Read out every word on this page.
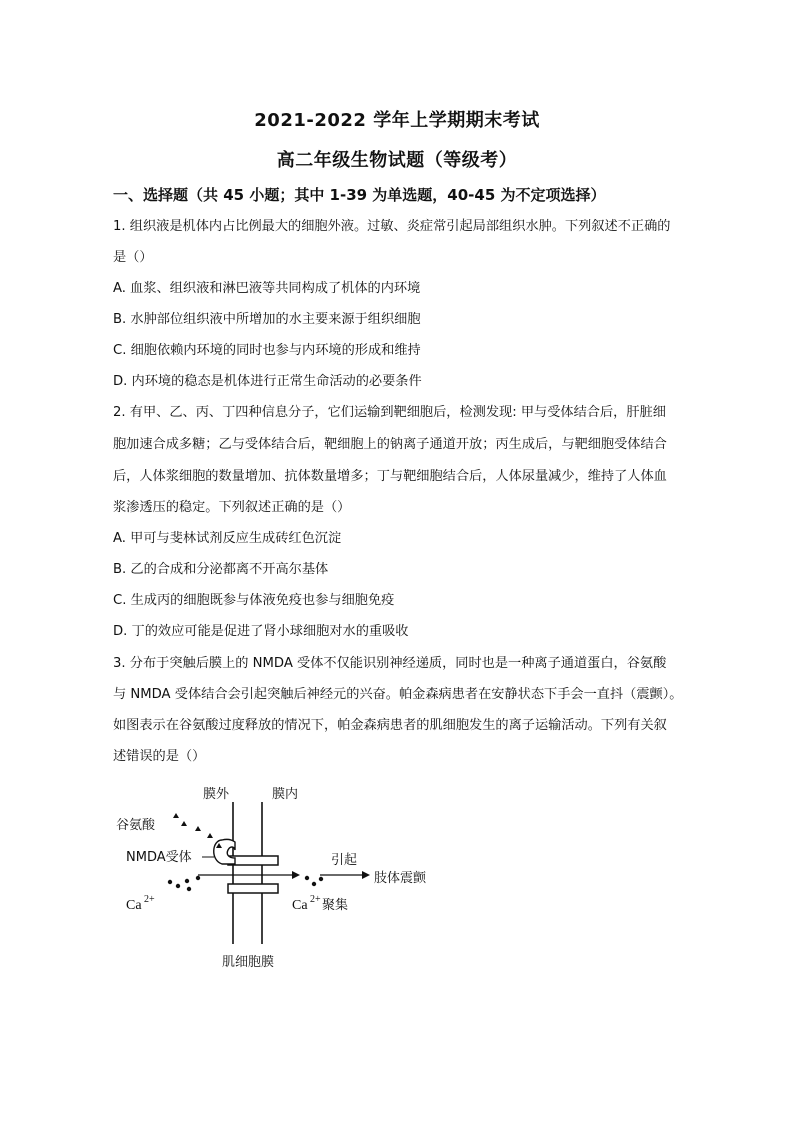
2021-2022 学年上学期期末考试
高二年级生物试题（等级考）
一、选择题（共 45 小题；其中 1-39 为单选题，40-45 为不定项选择）
1. 组织液是机体内占比例最大的细胞外液。过敏、炎症常引起局部组织水肿。下列叙述不正确的
是（）
A. 血浆、组织液和淋巴液等共同构成了机体的内环境
B. 水肿部位组织液中所增加的水主要来源于组织细胞
C. 细胞依赖内环境的同时也参与内环境的形成和维持
D. 内环境的稳态是机体进行正常生命活动的必要条件
2. 有甲、乙、丙、丁四种信息分子，它们运输到靶细胞后，检测发现: 甲与受体结合后，肝脏细
胞加速合成多糖；乙与受体结合后，靶细胞上的钠离子通道开放；丙生成后，与靶细胞受体结合
后，人体浆细胞的数量增加、抗体数量增多；丁与靶细胞结合后，人体尿量减少，维持了人体血
浆渗透压的稳定。下列叙述正确的是（）
A. 甲可与斐林试剂反应生成砖红色沉淀
B. 乙的合成和分泌都离不开高尔基体
C. 生成丙的细胞既参与体液免疫也参与细胞免疫
D. 丁的效应可能是促进了肾小球细胞对水的重吸收
3. 分布于突触后膜上的 NMDA 受体不仅能识别神经递质，同时也是一种离子通道蛋白，谷氨酸
与 NMDA 受体结合会引起突触后神经元的兴奋。帕金森病患者在安静状态下手会一直抖（震颤）。
如图表示在谷氨酸过度释放的情况下，帕金森病患者的肌细胞发生的离子运输活动。下列有关叙
述错误的是（）
膜外	膜内
谷氨酸
NMDA受体	引起
肢体震颤
Ca 2+	Ca 2+ 聚集
肌细胞膜
